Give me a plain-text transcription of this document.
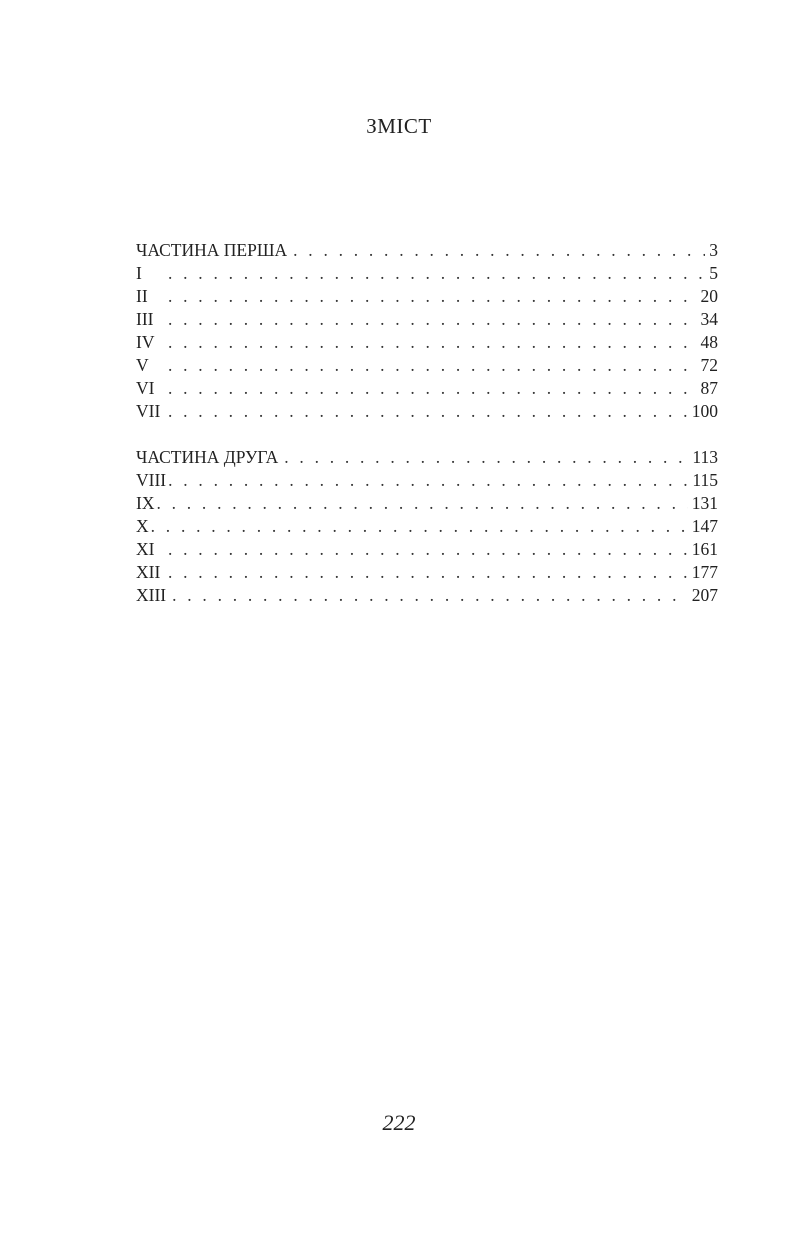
ЗМІСТ
ЧАСТИНА ПЕРША . . .	3
I . . .	5
II . . .	20
III . . .	34
IV . . .	48
V . . .	72
VI . . .	87
VII . . .	100
ЧАСТИНА ДРУГА . . .	113
VIII . . .	115
IX . . .	131
X . . .	147
XI . . .	161
XII . . .	177
XIII . . .	207
222
